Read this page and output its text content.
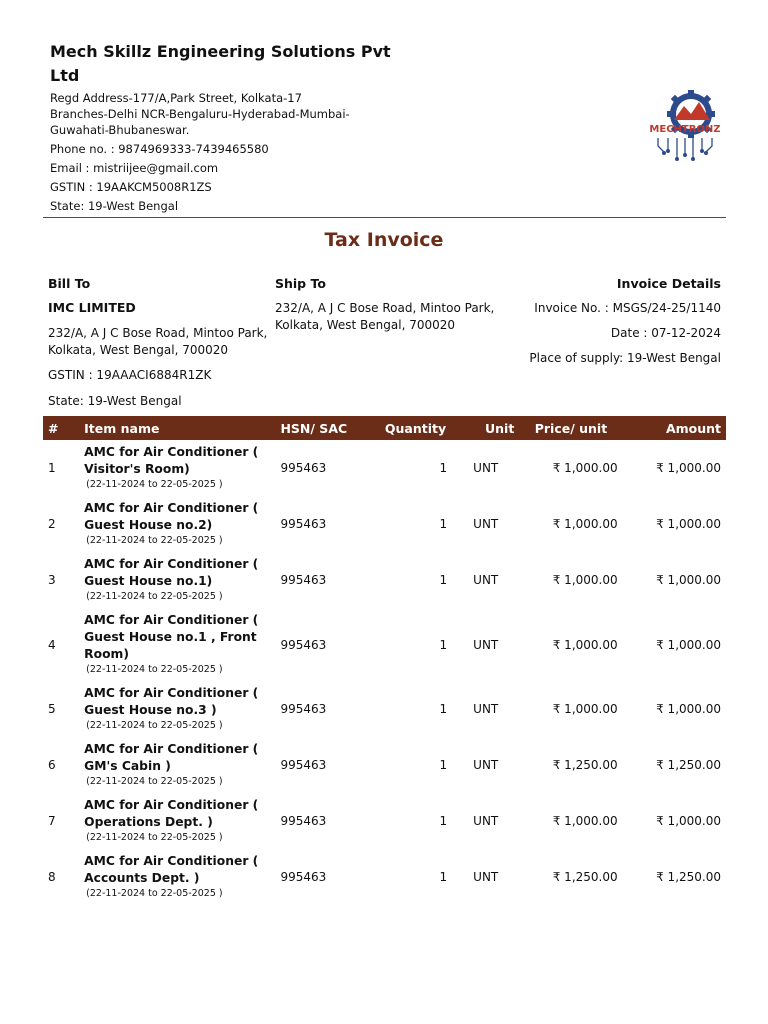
Mech Skillz Engineering Solutions Pvt Ltd
Regd Address-177/A,Park Street, Kolkata-17
Branches-Delhi NCR-Bengaluru-Hyderabad-Mumbai-Guwahati-Bhubaneswar.
Phone no. : 9874969333-7439465580
Email : mistriijee@gmail.com
GSTIN : 19AAKCM5008R1ZS
State: 19-West Bengal
MECHTRONZ
Tax Invoice
Bill To
IMC LIMITED
232/A, A J C Bose Road, Mintoo Park, Kolkata, West Bengal, 700020
GSTIN : 19AAACI6884R1ZK
State: 19-West Bengal
Ship To
232/A, A J C Bose Road, Mintoo Park, Kolkata, West Bengal, 700020
Invoice Details
Invoice No. : MSGS/24-25/1140
Date : 07-12-2024
Place of supply: 19-West Bengal
#	Item name	HSN/ SAC	Quantity	Unit	Price/ unit	Amount
1	AMC for Air Conditioner ( Visitor's Room)
(22-11-2024 to 22-05-2025 )	995463	1	UNT	₹ 1,000.00	₹ 1,000.00
2	AMC for Air Conditioner ( Guest House no.2)
(22-11-2024 to 22-05-2025 )	995463	1	UNT	₹ 1,000.00	₹ 1,000.00
3	AMC for Air Conditioner ( Guest House no.1)
(22-11-2024 to 22-05-2025 )	995463	1	UNT	₹ 1,000.00	₹ 1,000.00
4	AMC for Air Conditioner ( Guest House no.1 , Front Room)
(22-11-2024 to 22-05-2025 )	995463	1	UNT	₹ 1,000.00	₹ 1,000.00
5	AMC for Air Conditioner ( Guest House no.3 )
(22-11-2024 to 22-05-2025 )	995463	1	UNT	₹ 1,000.00	₹ 1,000.00
6	AMC for Air Conditioner ( GM's Cabin )
(22-11-2024 to 22-05-2025 )	995463	1	UNT	₹ 1,250.00	₹ 1,250.00
7	AMC for Air Conditioner ( Operations Dept. )
(22-11-2024 to 22-05-2025 )	995463	1	UNT	₹ 1,000.00	₹ 1,000.00
8	AMC for Air Conditioner ( Accounts Dept. )
(22-11-2024 to 22-05-2025 )	995463	1	UNT	₹ 1,250.00	₹ 1,250.00
